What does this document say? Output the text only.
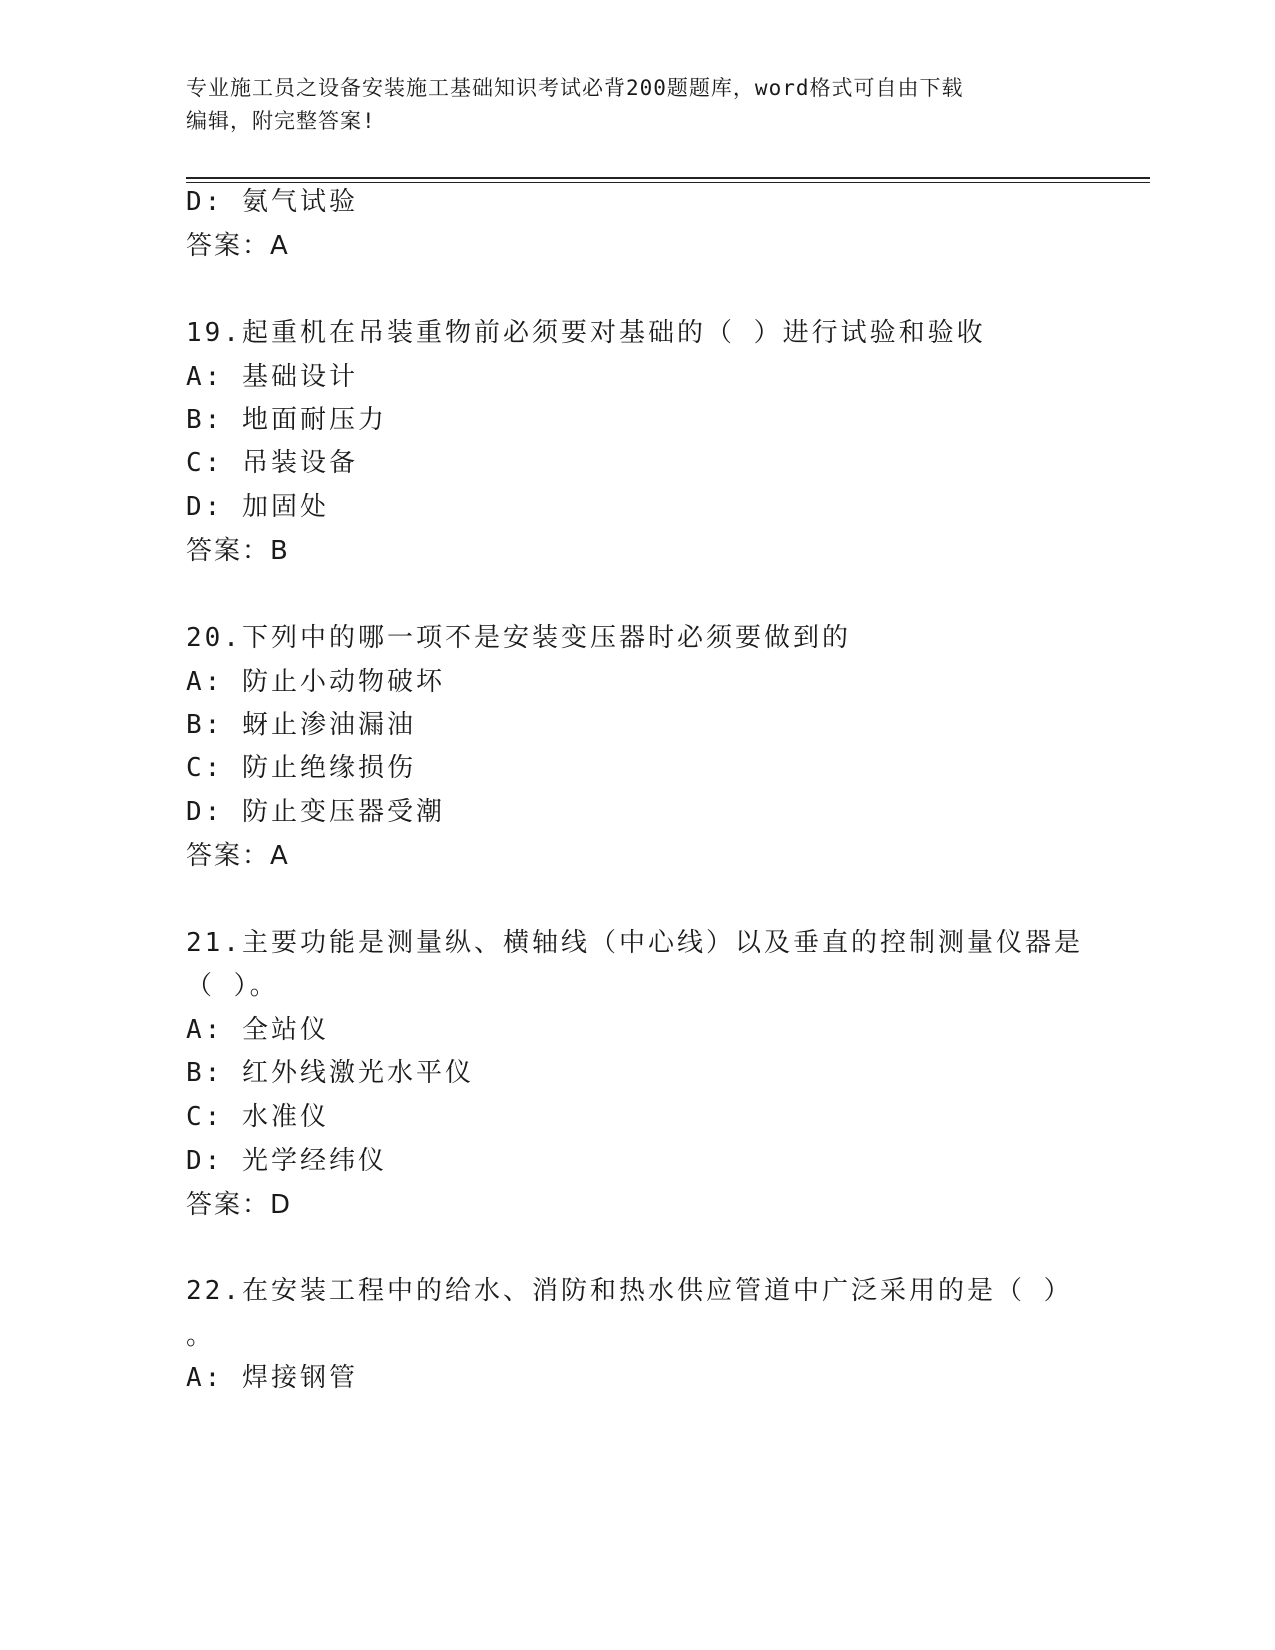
专业施工员之设备安装施工基础知识考试必背200题题库，word格式可自由下载
编辑，附完整答案!
D: 氨气试验
答案：A
19.起重机在吊装重物前必须要对基础的（ ）进行试验和验收
A: 基础设计
B: 地面耐压力
C: 吊装设备
D: 加固处
答案：B
20.下列中的哪一项不是安装变压器时必须要做到的
A: 防止小动物破坏
B: 蚜止渗油漏油
C: 防止绝缘损伤
D: 防止变压器受潮
答案：A
21.主要功能是测量纵、横轴线（中心线）以及垂直的控制测量仪器是
（ ）。
A: 全站仪
B: 红外线激光水平仪
C: 水准仪
D: 光学经纬仪
答案：D
22.在安装工程中的给水、消防和热水供应管道中广泛采用的是（ ）
。
A: 焊接钢管
